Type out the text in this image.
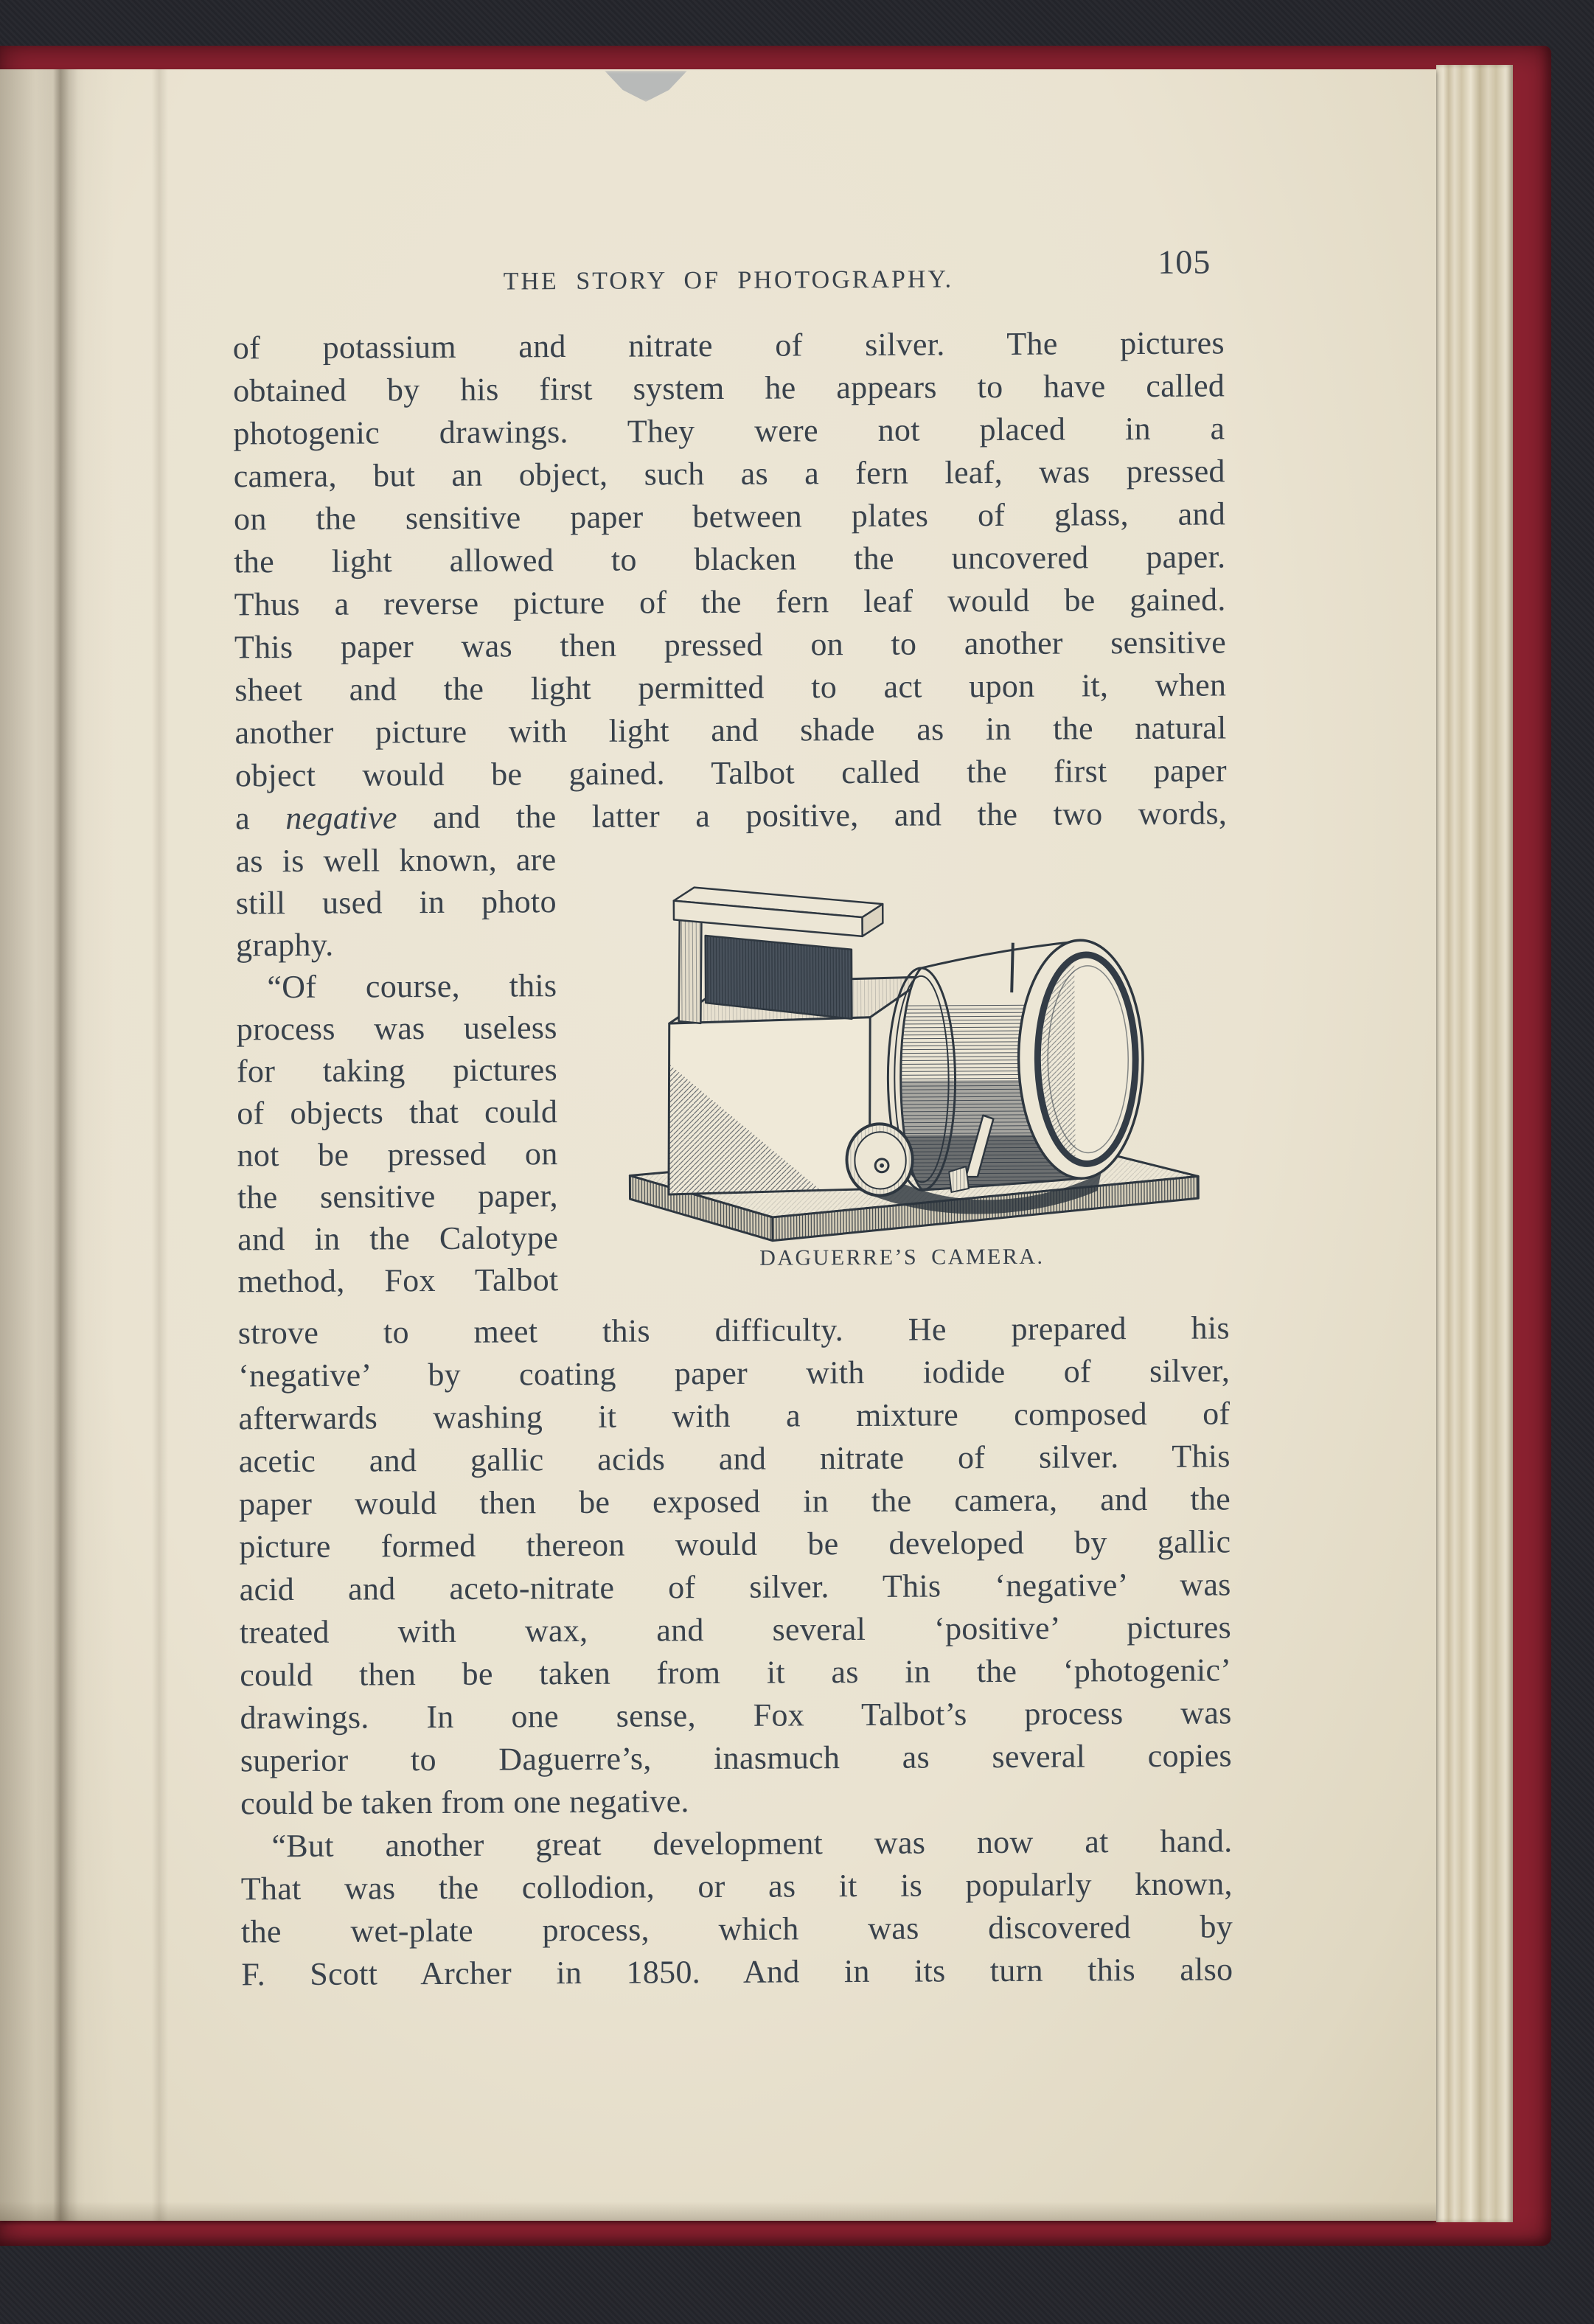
THE STORY OF PHOTOGRAPHY.	105
of potassium and nitrate of silver. The pictures
obtained by his first system he appears to have called
photogenic drawings. They were not placed in a
camera, but an object, such as a fern leaf, was pressed
on the sensitive paper between plates of glass, and
the light allowed to blacken the uncovered paper.
Thus a reverse picture of the fern leaf would be gained.
This paper was then pressed on to another sensitive
sheet and the light permitted to act upon it, when
another picture with light and shade as in the natural
object would be gained. Talbot called the first paper
a negative and the latter a positive, and the two words,
as is well known, are
still used in photo
graphy.
“Of course, this
process was useless
for taking pictures
of objects that could
not be pressed on
the sensitive paper,
and in the Calotype
method, Fox Talbot
DAGUERRE’S CAMERA.
strove to meet this difficulty. He prepared his
‘negative’ by coating paper with iodide of silver,
afterwards washing it with a mixture composed of
acetic and gallic acids and nitrate of silver. This
paper would then be exposed in the camera, and the
picture formed thereon would be developed by gallic
acid and aceto-nitrate of silver. This ‘negative’ was
treated with wax, and several ‘positive’ pictures
could then be taken from it as in the ‘photogenic’
drawings. In one sense, Fox Talbot’s process was
superior to Daguerre’s, inasmuch as several copies
could be taken from one negative.
“But another great development was now at hand.
That was the collodion, or as it is popularly known,
the wet-plate process, which was discovered by
F. Scott Archer in 1850. And in its turn this also
